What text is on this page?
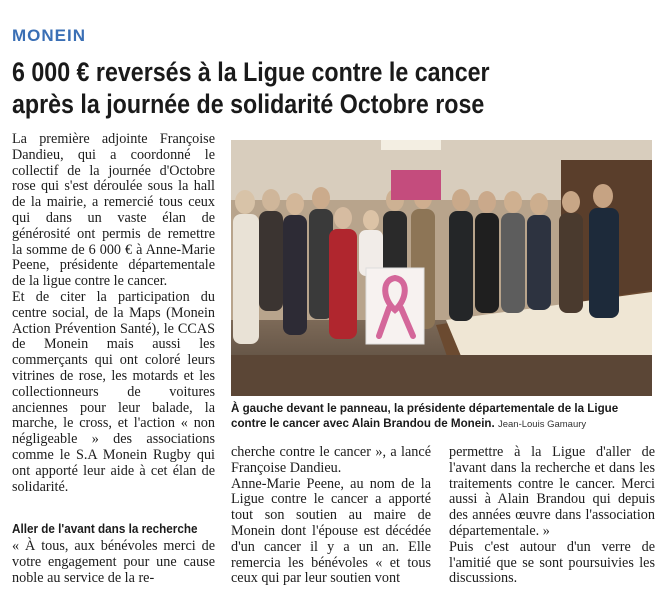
MONEIN
6 000 € reversés à la Ligue contre le cancer
après la journée de solidarité Octobre rose

La première adjointe Françoise Dandieu, qui a coordonné le collectif de la journée d'Octobre rose qui s'est déroulée sous la hall de la mairie, a remercié tous ceux qui dans un vaste élan de générosité ont permis de remettre la somme de 6 000 € à Anne-Marie Peene, présidente départementale de la ligue contre le cancer.

Et de citer la participation du centre social, de la Maps (Monein Action Prévention Santé), le CCAS de Monein mais aussi les commerçants qui ont coloré leurs vitrines de rose, les motards et les collectionneurs de voitures anciennes pour leur balade, la marche, le cross, et l'action « non négligeable » des associations comme le S.A Monein Rugby qui ont apporté leur aide à cet élan de solidarité.

Aller de l'avant dans la recherche

« À tous, aux bénévoles merci de votre engagement pour une cause noble au service de la re-

À gauche devant le panneau, la présidente départementale de la Ligue contre le cancer avec Alain Brandou de Monein. Jean-Louis Gamaury

cherche contre le cancer », a lancé Françoise Dandieu.

Anne-Marie Peene, au nom de la Ligue contre le cancer a apporté tout son soutien au maire de Monein dont l'épouse est décédée d'un cancer il y a un an. Elle remercia les bénévoles « et tous ceux qui par leur soutien vont

permettre à la Ligue d'aller de l'avant dans la recherche et dans les traitements contre le cancer. Merci aussi à Alain Brandou qui depuis des années œuvre dans l'association départementale. »

Puis c'est autour d'un verre de l'amitié que se sont poursuivies les discussions.
